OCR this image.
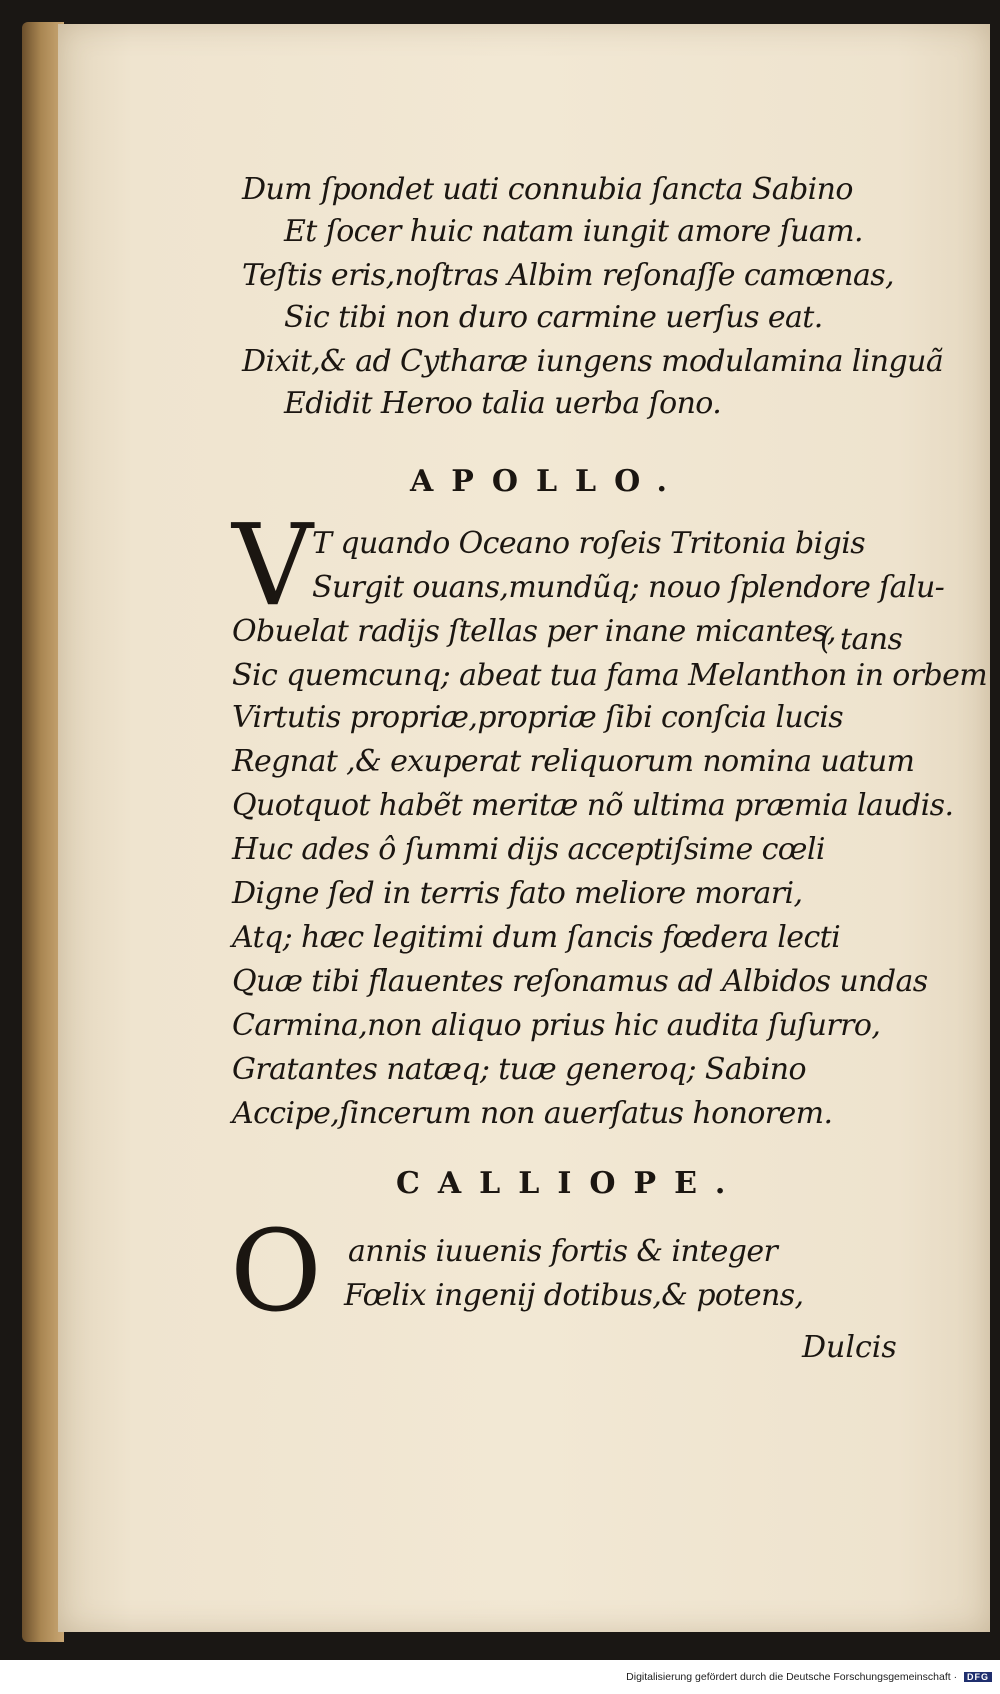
Dum ſpondet uati connubia ſancta Sabino
Et ſocer huic natam iungit amore ſuam.
Teſtis eris,noſtras Albim reſonaſſe camœnas,
Sic tibi non duro carmine uerſus eat.
Dixit,& ad Cytharæ iungens modulamina linguã
Edidit Heroo talia uerba ſono.
APOLLO.
V T quando Oceano roſeis Tritonia bigis
Surgit ouans,mundũq; nouo ſplendore ſalu-
Obuelat radijs ſtellas per inane micantes,
( tans
Sic quemcunq; abeat tua fama Melanthon in orbem
Virtutis propriæ,propriæ ſibi conſcia lucis
Regnat ,& exuperat reliquorum nomina uatum
Quotquot habẽt meritæ nõ ultima præmia laudis.
Huc ades ô ſummi dijs acceptiſsime cœli
Digne ſed in terris fato meliore morari,
Atq; hæc legitimi dum ſancis fœdera lecti
Quæ tibi flauentes reſonamus ad Albidos undas
Carmina,non aliquo prius hic audita ſuſurro,
Gratantes natæq; tuæ generoq; Sabino
Accipe,ſincerum non auerſatus honorem.
CALLIOPE.
O annis iuuenis fortis & integer
Fœlix ingenij dotibus,& potens,
Dulcis
Digitalisierung gefördert durch die Deutsche Forschungsgemeinschaft · DFG
